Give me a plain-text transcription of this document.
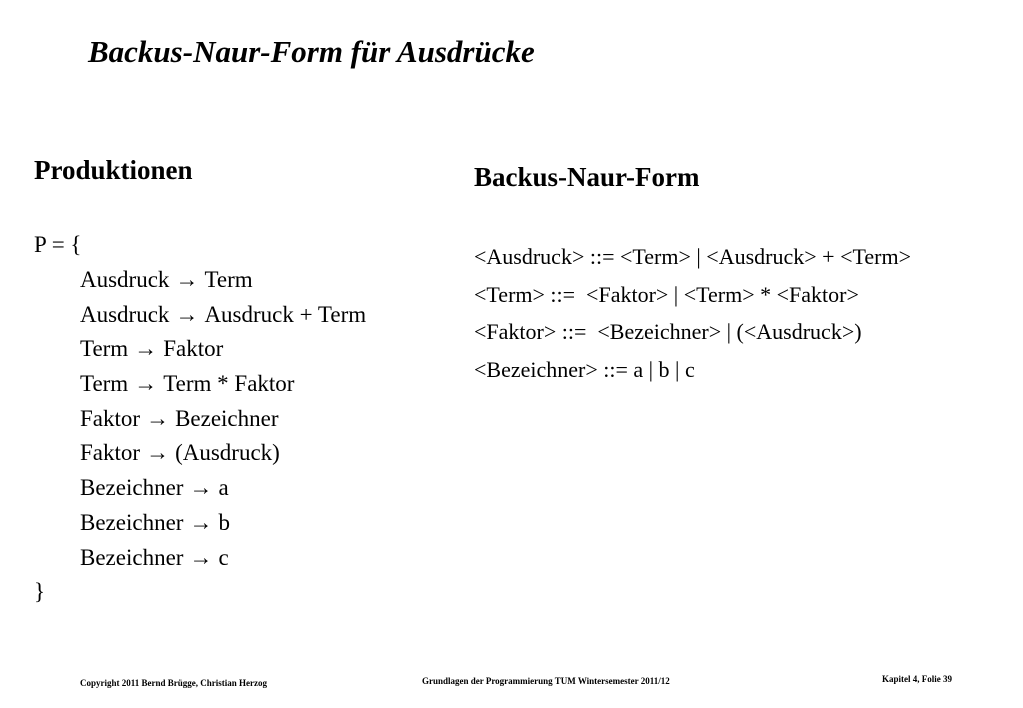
Backus-Naur-Form für Ausdrücke
Produktionen
P = {
Ausdruck → Term
Ausdruck → Ausdruck + Term
Term → Faktor
Term → Term * Faktor
Faktor → Bezeichner
Faktor → (Ausdruck)
Bezeichner → a
Bezeichner → b
Bezeichner → c
}
Backus-Naur-Form
<Ausdruck> ::= <Term> | <Ausdruck> + <Term>
<Term> ::=  <Faktor> | <Term> * <Faktor>
<Faktor> ::=  <Bezeichner> | (<Ausdruck>)
<Bezeichner> ::= a | b | c
Copyright 2011 Bernd Brügge, Christian Herzog	Grundlagen der Programmierung TUM Wintersemester 2011/12	Kapitel 4, Folie 39
